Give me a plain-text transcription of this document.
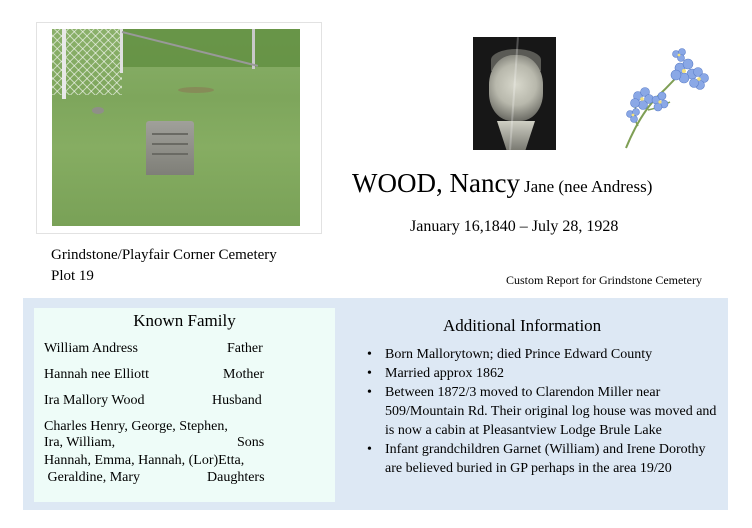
WOOD, Nancy Jane (nee Andress)
January 16,1840 – July 28, 1928
Grindstone/Playfair Corner Cemetery
Plot 19	Custom Report for Grindstone Cemetery
Known Family
William Andress	Father
Hannah nee Elliott	Mother
Ira Mallory Wood	Husband
Charles Henry, George, Stephen,
Ira, William,	Sons
Hannah, Emma, Hannah, (Lor)Etta,
Geraldine, Mary	Daughters
Additional Information

• Born Mallorytown; died Prince Edward County

• Married approx 1862

• Between 1872/3 moved to Clarendon Miller near 509/Mountain Rd. Their original log house was moved and is now a cabin at Pleasantview Lodge Brule Lake

• Infant grandchildren Garnet (William) and Irene Dorothy are believed buried in GP perhaps in the area 19/20
